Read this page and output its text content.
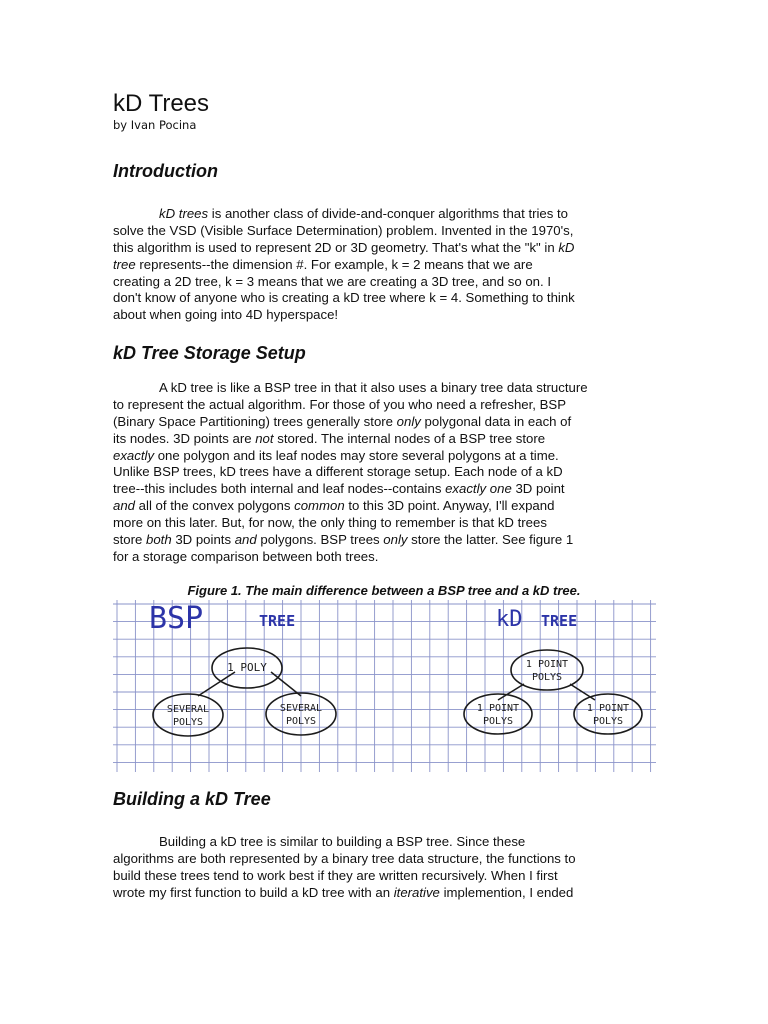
kD Trees
by Ivan Pocina
Introduction
kD trees is another class of divide-and-conquer algorithms that tries to
solve the VSD (Visible Surface Determination) problem. Invented in the 1970's,
this algorithm is used to represent 2D or 3D geometry. That's what the "k" in kD
tree represents--the dimension #. For example, k = 2 means that we are
creating a 2D tree, k = 3 means that we are creating a 3D tree, and so on. I
don't know of anyone who is creating a kD tree where k = 4. Something to think
about when going into 4D hyperspace!
kD Tree Storage Setup
A kD tree is like a BSP tree in that it also uses a binary tree data structure
to represent the actual algorithm. For those of you who need a refresher, BSP
(Binary Space Partitioning) trees generally store only polygonal data in each of
its nodes. 3D points are not stored. The internal nodes of a BSP tree store
exactly one polygon and its leaf nodes may store several polygons at a time.
Unlike BSP trees, kD trees have a different storage setup. Each node of a kD
tree--this includes both internal and leaf nodes--contains exactly one 3D point
and all of the convex polygons common to this 3D point. Anyway, I'll expand
more on this later. But, for now, the only thing to remember is that kD trees
store both 3D points and polygons. BSP trees only store the latter. See figure 1
for a storage comparison between both trees.
Figure 1. The main difference between a BSP tree and a kD tree.
BSP	TREE
1 POLY
SEVERAL
POLYS
SEVERAL
POLYS
kD TREE
1 POINT
POLYS
1 POINT
POLYS
1 POINT
POLYS
Building a kD Tree
Building a kD tree is similar to building a BSP tree. Since these
algorithms are both represented by a binary tree data structure, the functions to
build these trees tend to work best if they are written recursively. When I first
wrote my first function to build a kD tree with an iterative implemention, I ended
